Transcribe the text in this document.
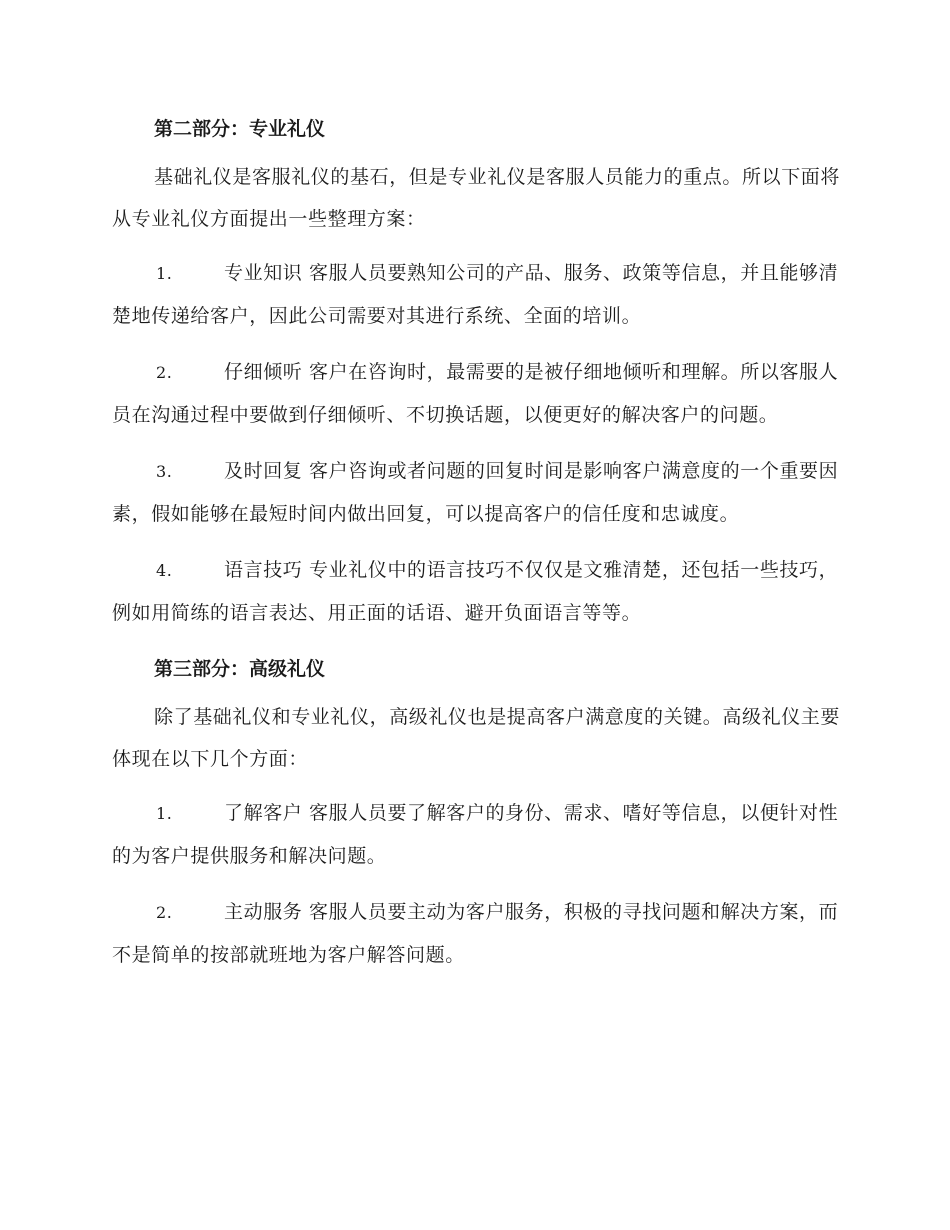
第二部分：专业礼仪

基础礼仪是客服礼仪的基石，但是专业礼仪是客服人员能力的重点。所以下面将从专业礼仪方面提出一些整理方案：

1.	专业知识 客服人员要熟知公司的产品、服务、政策等信息，并且能够清楚地传递给客户，因此公司需要对其进行系统、全面的培训。

2.	仔细倾听 客户在咨询时，最需要的是被仔细地倾听和理解。所以客服人员在沟通过程中要做到仔细倾听、不切换话题，以便更好的解决客户的问题。

3.	及时回复 客户咨询或者问题的回复时间是影响客户满意度的一个重要因素，假如能够在最短时间内做出回复，可以提高客户的信任度和忠诚度。

4.	语言技巧 专业礼仪中的语言技巧不仅仅是文雅清楚，还包括一些技巧，例如用简练的语言表达、用正面的话语、避开负面语言等等。

第三部分：高级礼仪

除了基础礼仪和专业礼仪，高级礼仪也是提高客户满意度的关键。高级礼仪主要体现在以下几个方面：

1.	了解客户 客服人员要了解客户的身份、需求、嗜好等信息，以便针对性的为客户提供服务和解决问题。

2.	主动服务 客服人员要主动为客户服务，积极的寻找问题和解决方案，而不是简单的按部就班地为客户解答问题。
